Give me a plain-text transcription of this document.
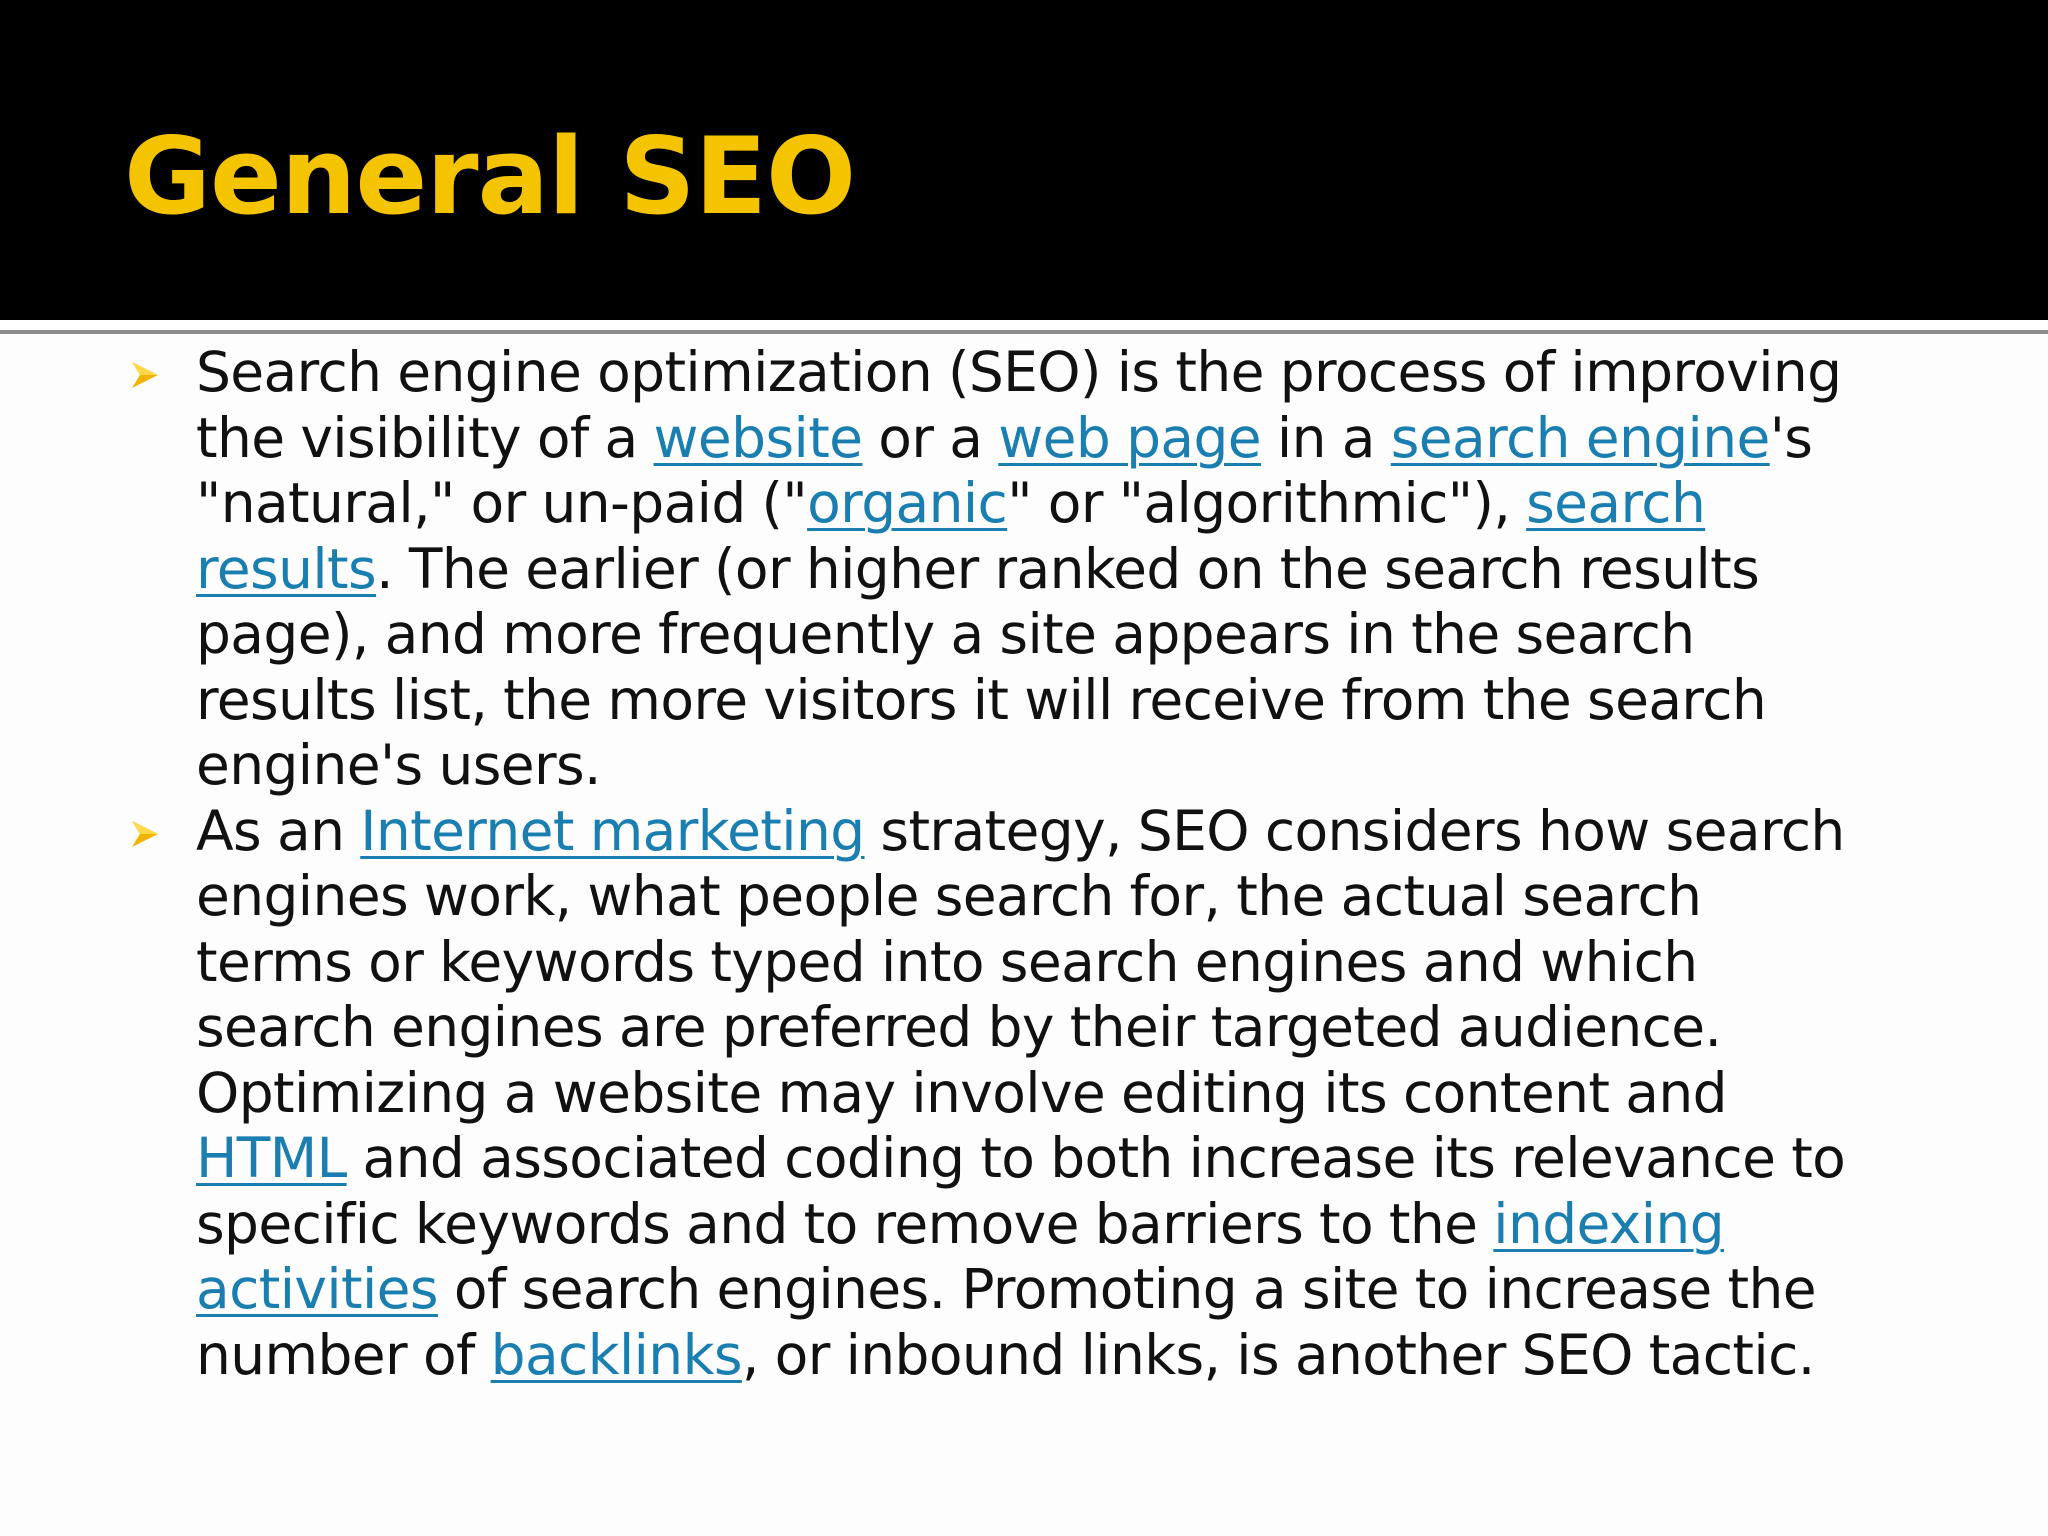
General SEO
Search engine optimization (SEO) is the process of improving
the visibility of a website or a web page in a search engine's
"natural," or un-paid ("organic" or "algorithmic"), search
results. The earlier (or higher ranked on the search results
page), and more frequently a site appears in the search
results list, the more visitors it will receive from the search
engine's users.
As an Internet marketing strategy, SEO considers how search
engines work, what people search for, the actual search
terms or keywords typed into search engines and which
search engines are preferred by their targeted audience.
Optimizing a website may involve editing its content and
HTML and associated coding to both increase its relevance to
specific keywords and to remove barriers to the indexing
activities of search engines. Promoting a site to increase the
number of backlinks, or inbound links, is another SEO tactic.
